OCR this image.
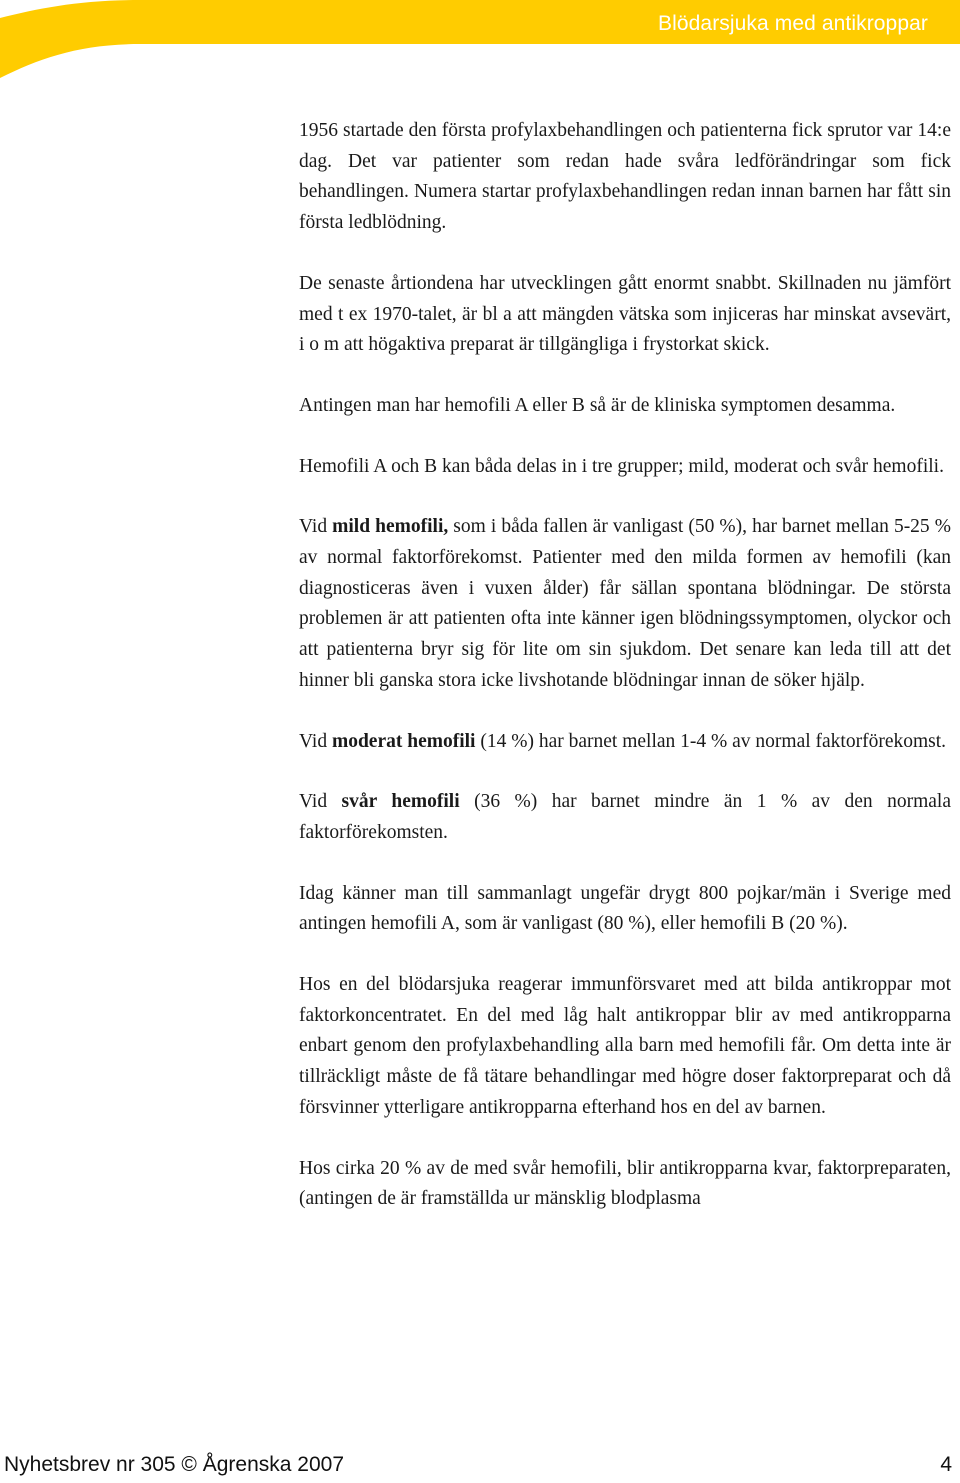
Blödarsjuka med antikroppar

1956 startade den första profylaxbehandlingen och patienterna fick sprutor var 14:e dag. Det var patienter som redan hade svåra ledförändringar som fick behandlingen. Numera startar profylaxbehandlingen redan innan barnen har fått sin första ledblödning.

De senaste årtiondena har utvecklingen gått enormt snabbt. Skillnaden nu jämfört med t ex 1970-talet, är bl a att mängden vätska som injiceras har minskat avsevärt, i o m att högaktiva preparat är tillgängliga i frystorkat skick.

Antingen man har hemofili A eller B så är de kliniska symptomen desamma.

Hemofili A och B kan båda delas in i tre grupper; mild, moderat och svår hemofili.

Vid mild hemofili, som i båda fallen är vanligast (50 %), har barnet mellan 5-25 % av normal faktorförekomst. Patienter med den milda formen av hemofili (kan diagnosticeras även i vuxen ålder) får sällan spontana blödningar. De största problemen är att patienten ofta inte känner igen blödningssymptomen, olyckor och att patienterna bryr sig för lite om sin sjukdom. Det senare kan leda till att det hinner bli ganska stora icke livshotande blödningar innan de söker hjälp.

Vid moderat hemofili (14 %) har barnet mellan 1-4 % av normal faktorförekomst.

Vid svår hemofili (36 %) har barnet mindre än 1 % av den normala faktorförekomsten.

Idag känner man till sammanlagt ungefär drygt 800 pojkar/män i Sverige med antingen hemofili A, som är vanligast (80 %), eller hemofili B (20 %).

Hos en del blödarsjuka reagerar immunförsvaret med att bilda antikroppar mot faktorkoncentratet. En del med låg halt antikroppar blir av med antikropparna enbart genom den profylaxbehandling alla barn med hemofili får. Om detta inte är tillräckligt måste de få tätare behandlingar med högre doser faktorpreparat och då försvinner ytterligare antikropparna efterhand hos en del av barnen.

Hos cirka 20 % av de med svår hemofili, blir antikropparna kvar, faktorpreparaten, (antingen de är framställda ur mänsklig blodplasma

Nyhetsbrev nr 305 © Ågrenska 2007	4
